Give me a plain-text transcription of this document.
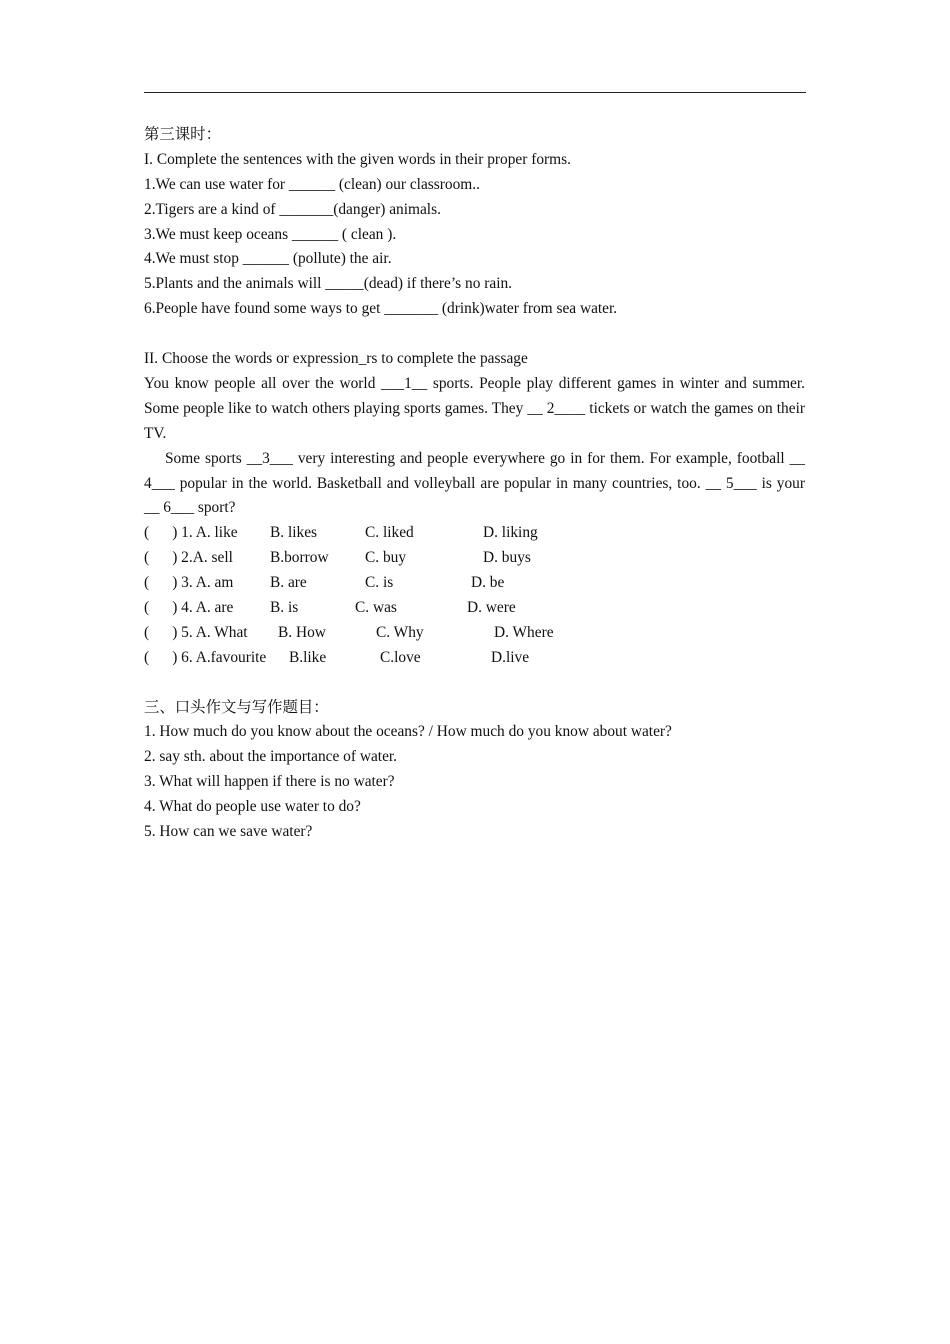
第三课时：
I. Complete the sentences with the given words in their proper forms.
1.We can use water for ______ (clean) our classroom..
2.Tigers are a kind of _______(danger) animals.
3.We must keep oceans ______ ( clean ).
4.We must stop ______ (pollute) the air.
5.Plants and the animals will _____(dead) if there’s no rain.
6.People have found some ways to get _______ (drink)water from sea water.
II. Choose the words or expression_rs to complete the passage
You know people all over the world ___1__ sports. People play different games in winter and summer. Some people like to watch others playing sports games. They __ 2____ tickets or watch the games on their TV.
Some sports __3___ very interesting and people everywhere go in for them. For example, football __ 4___ popular in the world. Basketball and volleyball are popular in many countries, too. __ 5___ is your __ 6___ sport?
(      ) 1. A. like	B. likes	C. liked	D. liking
(      ) 2.A. sell	B.borrow	C. buy	D. buys
(      ) 3. A. am	B. are	C. is	D. be
(      ) 4. A. are	B. is	C. was	D. were
(      ) 5. A. What	B. How	C. Why	D. Where
(      ) 6. A.favourite	B.like	C.love	D.live
三、口头作文与写作题目：
1. How much do you know about the oceans? / How much do you know about water?
2. say sth. about the importance of water.
3. What will happen if there is no water?
4. What do people use water to do?
5. How can we save water?
